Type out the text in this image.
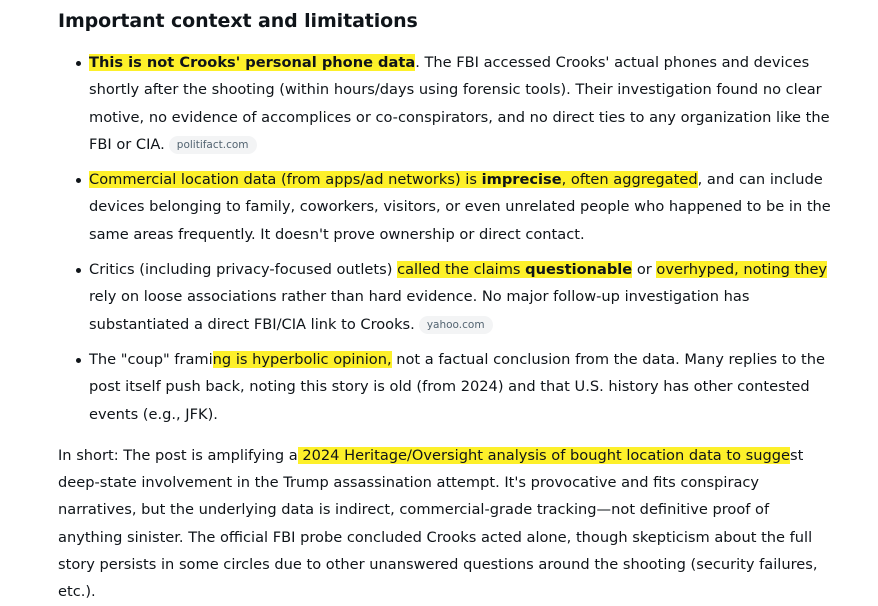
Important context and limitations
This is not Crooks' personal phone data. The FBI accessed Crooks' actual phones and devices shortly after the shooting (within hours/days using forensic tools). Their investigation found no clear motive, no evidence of accomplices or co-conspirators, and no direct ties to any organization like the FBI or CIA. politifact.com
Commercial location data (from apps/ad networks) is imprecise, often aggregated, and can include devices belonging to family, coworkers, visitors, or even unrelated people who happened to be in the same areas frequently. It doesn't prove ownership or direct contact.
Critics (including privacy-focused outlets) called the claims questionable or overhyped, noting they rely on loose associations rather than hard evidence. No major follow-up investigation has substantiated a direct FBI/CIA link to Crooks. yahoo.com
The "coup" framing is hyperbolic opinion, not a factual conclusion from the data. Many replies to the post itself push back, noting this story is old (from 2024) and that U.S. history has other contested events (e.g., JFK).

In short: The post is amplifying a 2024 Heritage/Oversight analysis of bought location data to suggest deep-state involvement in the Trump assassination attempt. It's provocative and fits conspiracy narratives, but the underlying data is indirect, commercial-grade tracking—not definitive proof of anything sinister. The official FBI probe concluded Crooks acted alone, though skepticism about the full story persists in some circles due to other unanswered questions around the shooting (security failures, etc.).
